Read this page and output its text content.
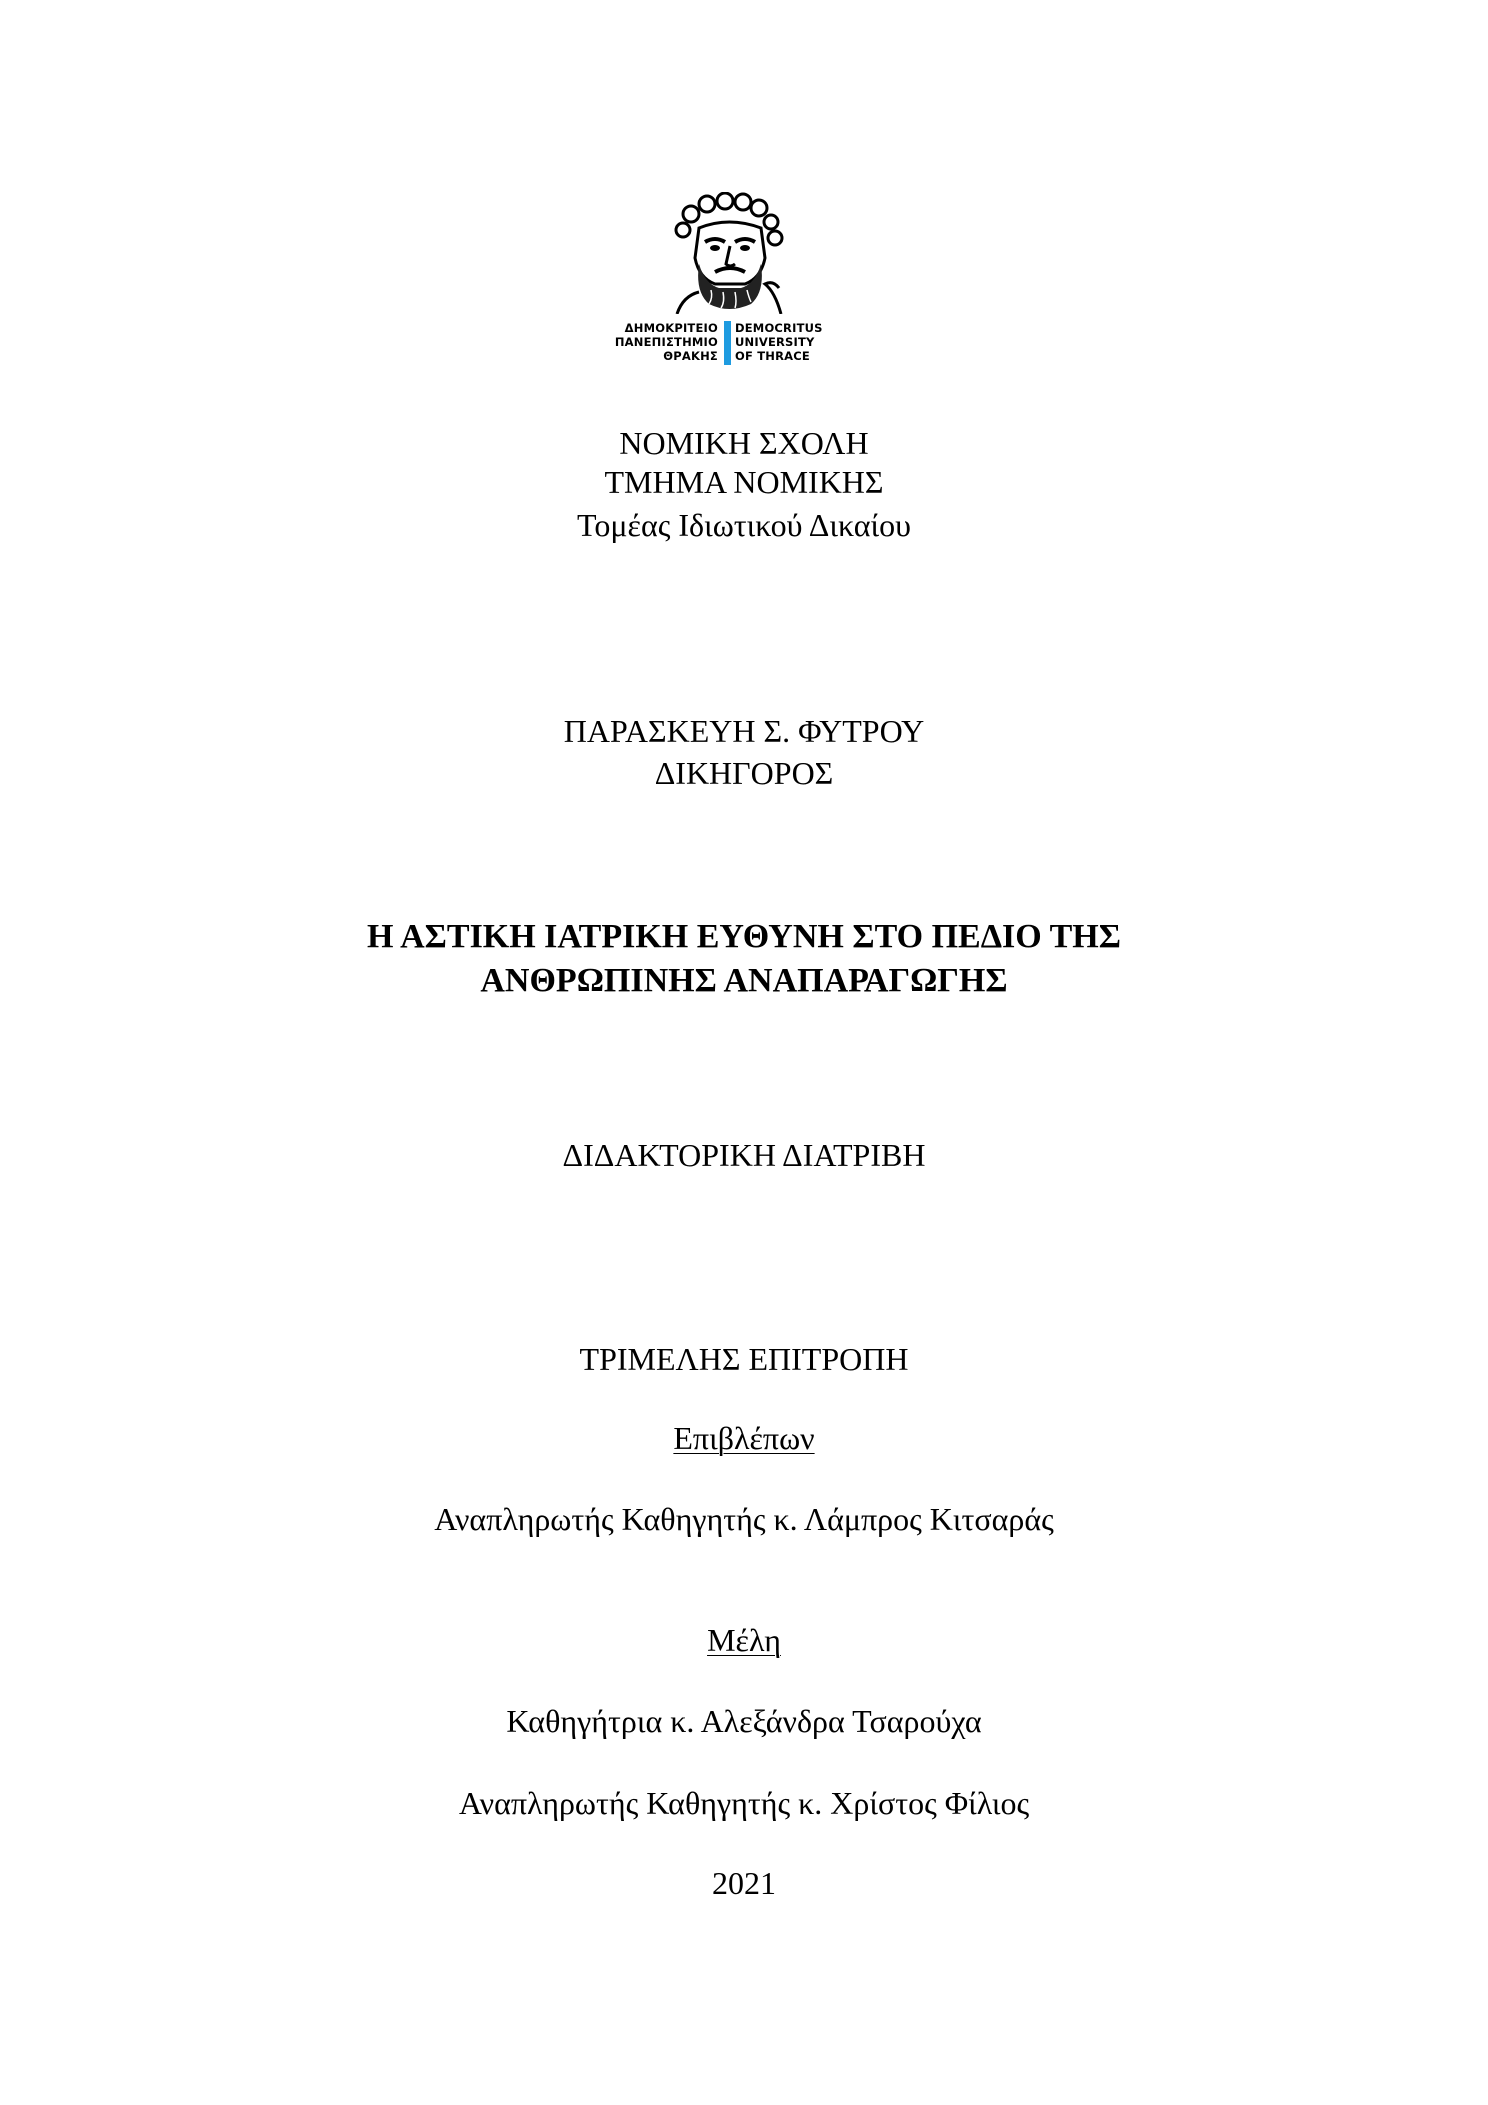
ΔΗΜΟΚΡΙΤΕΙΟ
ΠΑΝΕΠΙΣΤΗΜΙΟ
ΘΡΑΚΗΣ
DEMOCRITUS
UNIVERSITY
OF THRACE
ΝΟΜΙΚΗ ΣΧΟΛΗ
ΤΜΗΜΑ ΝΟΜΙΚΗΣ
Τομέας Ιδιωτικού Δικαίου
ΠΑΡΑΣΚΕΥΗ Σ. ΦΥΤΡΟΥ
ΔΙΚΗΓΟΡΟΣ
Η ΑΣΤΙΚΗ ΙΑΤΡΙΚΗ ΕΥΘΥΝΗ ΣΤΟ ΠΕΔΙΟ ΤΗΣ
ΑΝΘΡΩΠΙΝΗΣ ΑΝΑΠΑΡΑΓΩΓΗΣ
ΔΙΔΑΚΤΟΡΙΚΗ ΔΙΑΤΡΙΒΗ
ΤΡΙΜΕΛΗΣ ΕΠΙΤΡΟΠΗ
Επιβλέπων
Αναπληρωτής Καθηγητής κ. Λάμπρος Κιτσαράς
Μέλη
Καθηγήτρια κ. Αλεξάνδρα Τσαρούχα
Αναπληρωτής Καθηγητής κ. Χρίστος Φίλιος
2021
